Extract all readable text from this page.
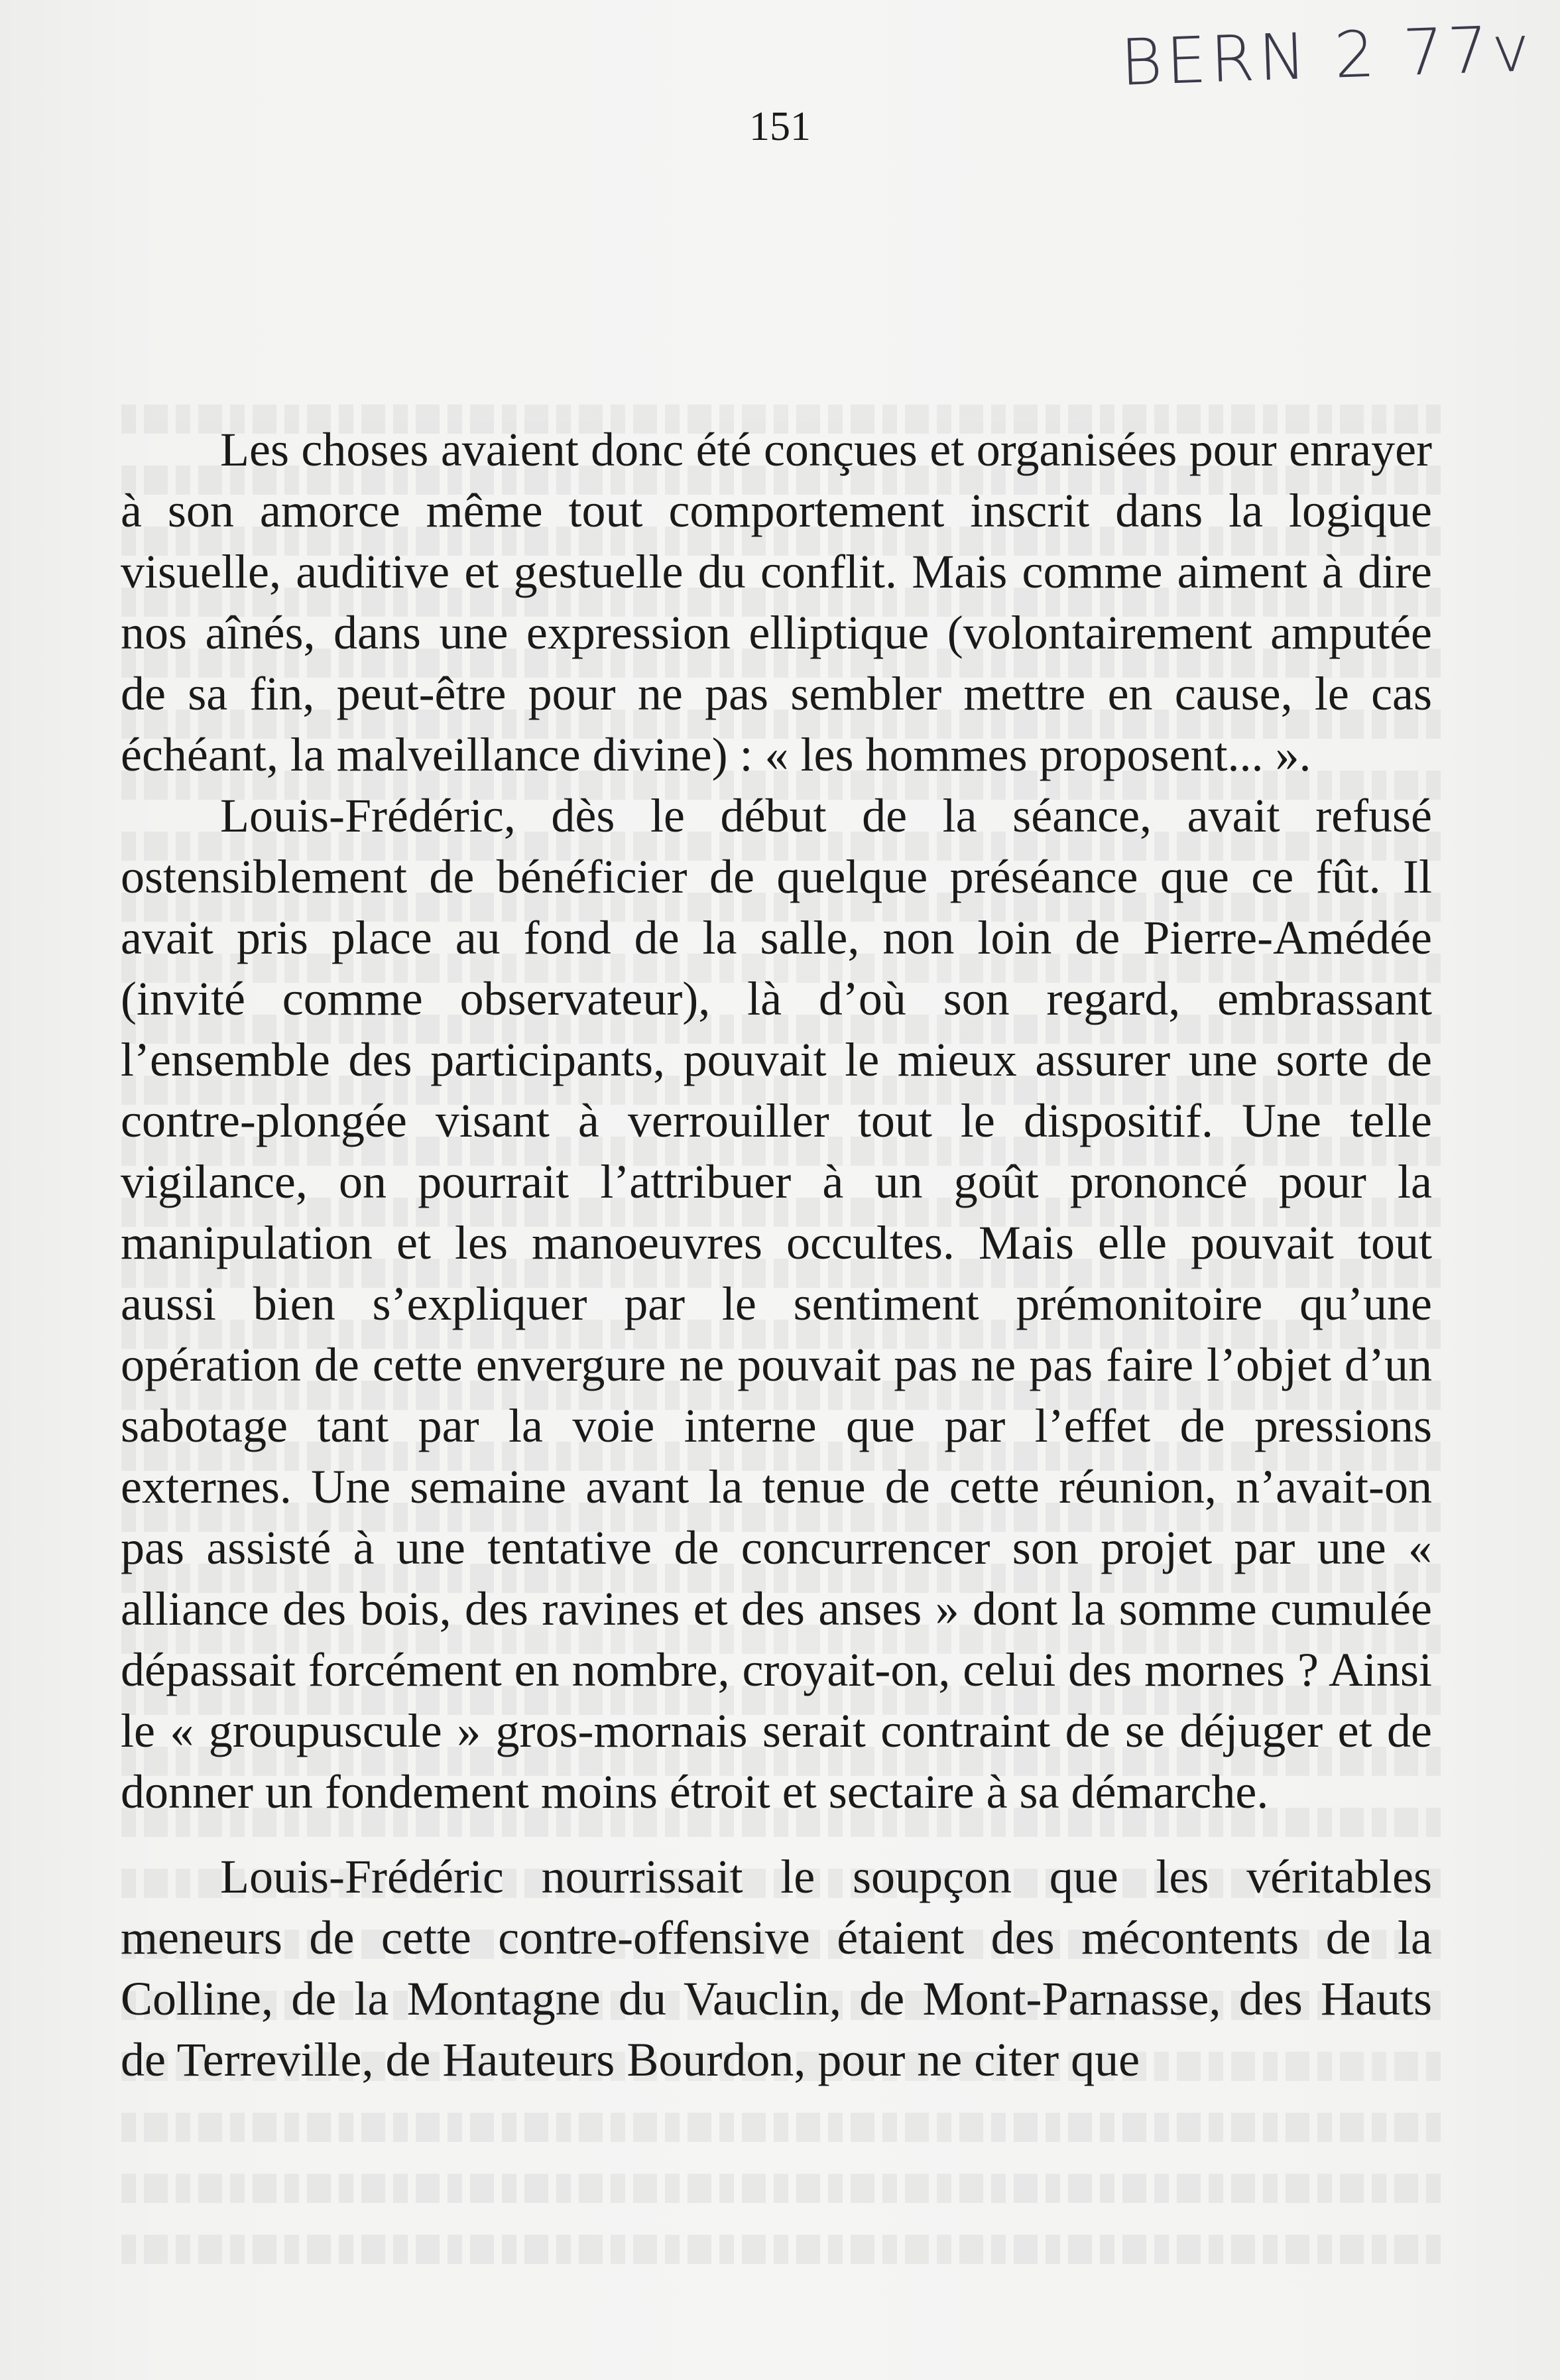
BERN 2 77v
151

Les choses avaient donc été conçues et organisées pour enrayer à son amorce même tout comportement inscrit dans la logique visuelle, auditive et gestuelle du conflit. Mais comme aiment à dire nos aînés, dans une expression elliptique (volontairement amputée de sa fin, peut-être pour ne pas sembler mettre en cause, le cas échéant, la malveillance divine) : « les hommes proposent... ».

Louis-Frédéric, dès le début de la séance, avait refusé ostensiblement de bénéficier de quelque préséance que ce fût. Il avait pris place au fond de la salle, non loin de Pierre-Amédée (invité comme observateur), là d’où son regard, embrassant l’ensemble des participants, pouvait le mieux assurer une sorte de contre-plongée visant à verrouiller tout le dispositif. Une telle vigilance, on pourrait l’attribuer à un goût prononcé pour la manipulation et les manoeuvres occultes. Mais elle pouvait tout aussi bien s’expliquer par le sentiment prémonitoire qu’une opération de cette envergure ne pouvait pas ne pas faire l’objet d’un sabotage tant par la voie interne que par l’effet de pressions externes. Une semaine avant la tenue de cette réunion, n’avait-on pas assisté à une tentative de concurrencer son projet par une « alliance des bois, des ravines et des anses » dont la somme cumulée dépassait forcément en nombre, croyait-on, celui des mornes ? Ainsi le « groupuscule » gros-mornais serait contraint de se déjuger et de donner un fondement moins étroit et sectaire à sa démarche.

Louis-Frédéric nourrissait le soupçon que les véritables meneurs de cette contre-offensive étaient des mécontents de la Colline, de la Montagne du Vauclin, de Mont-Parnasse, des Hauts de Terreville, de Hauteurs Bourdon, pour ne citer que
